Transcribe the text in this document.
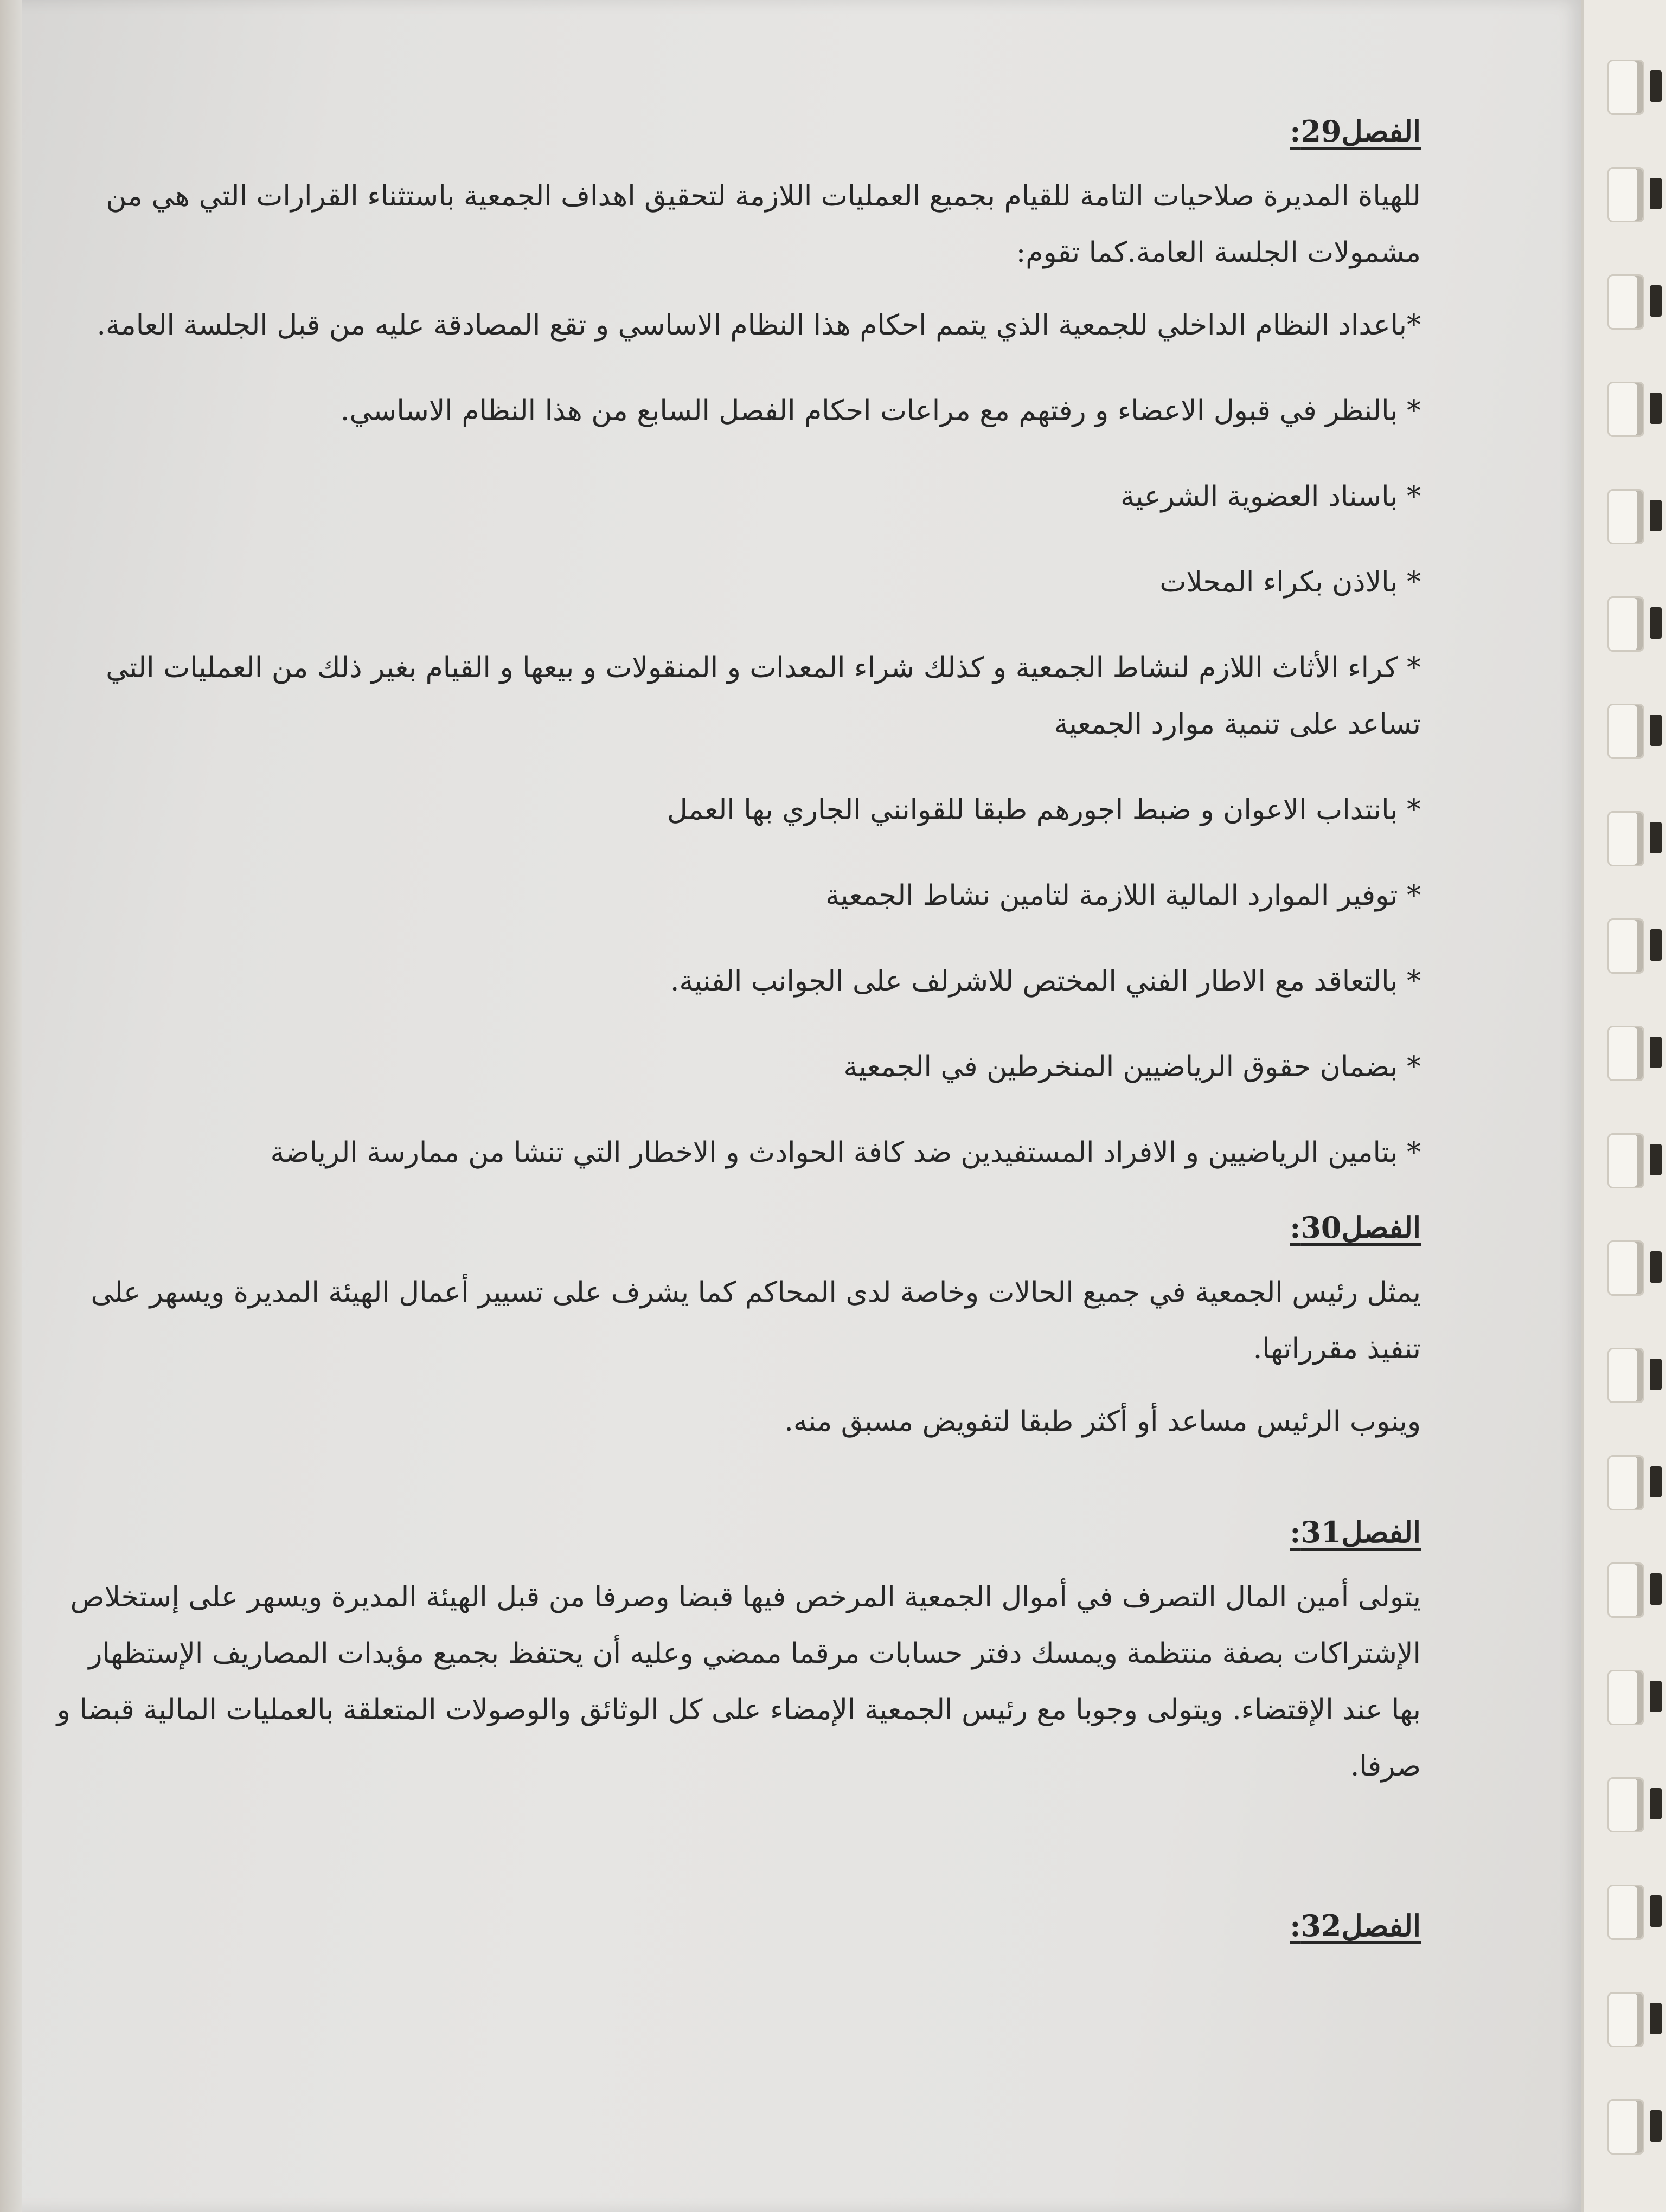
الفصل29:
للهياة المديرة صلاحيات التامة للقيام بجميع العمليات اللازمة لتحقيق اهداف الجمعية باستثناء القرارات التي هي من مشمولات الجلسة العامة.كما تقوم:
*باعداد النظام الداخلي للجمعية الذي يتمم احكام هذا النظام الاساسي و تقع المصادقة عليه من قبل الجلسة العامة.
* بالنظر في قبول الاعضاء و رفتهم مع مراعات احكام الفصل السابع من هذا النظام الاساسي.
* باسناد العضوية الشرعية
* بالاذن بكراء المحلات
* كراء الأثاث اللازم لنشاط الجمعية و كذلك شراء المعدات و المنقولات و بيعها و القيام بغير ذلك من العمليات التي تساعد على تنمية موارد الجمعية
* بانتداب الاعوان و ضبط اجورهم طبقا للقوانني الجاري بها العمل
* توفير الموارد المالية اللازمة لتامين نشاط الجمعية
* بالتعاقد مع الاطار الفني المختص للاشرلف على الجوانب الفنية.
* بضمان حقوق الرياضيين المنخرطين في الجمعية
* بتامين الرياضيين و الافراد المستفيدين ضد كافة الحوادث و الاخطار التي تنشا من ممارسة الرياضة
الفصل30:
يمثل رئيس الجمعية في جميع الحالات وخاصة لدى المحاكم كما يشرف على تسيير أعمال الهيئة المديرة ويسهر على تنفيذ مقرراتها.
وينوب الرئيس مساعد أو أكثر طبقا لتفويض مسبق منه.
الفصل31:
يتولى أمين المال التصرف في أموال الجمعية المرخص فيها قبضا وصرفا من قبل الهيئة المديرة ويسهر على إستخلاص الإشتراكات بصفة منتظمة ويمسك دفتر حسابات مرقما ممضي وعليه أن يحتفظ بجميع مؤيدات المصاريف الإستظهار بها عند الإقتضاء. ويتولى وجوبا مع رئيس الجمعية الإمضاء على كل الوثائق والوصولات المتعلقة بالعمليات المالية قبضا و صرفا.
الفصل32:
